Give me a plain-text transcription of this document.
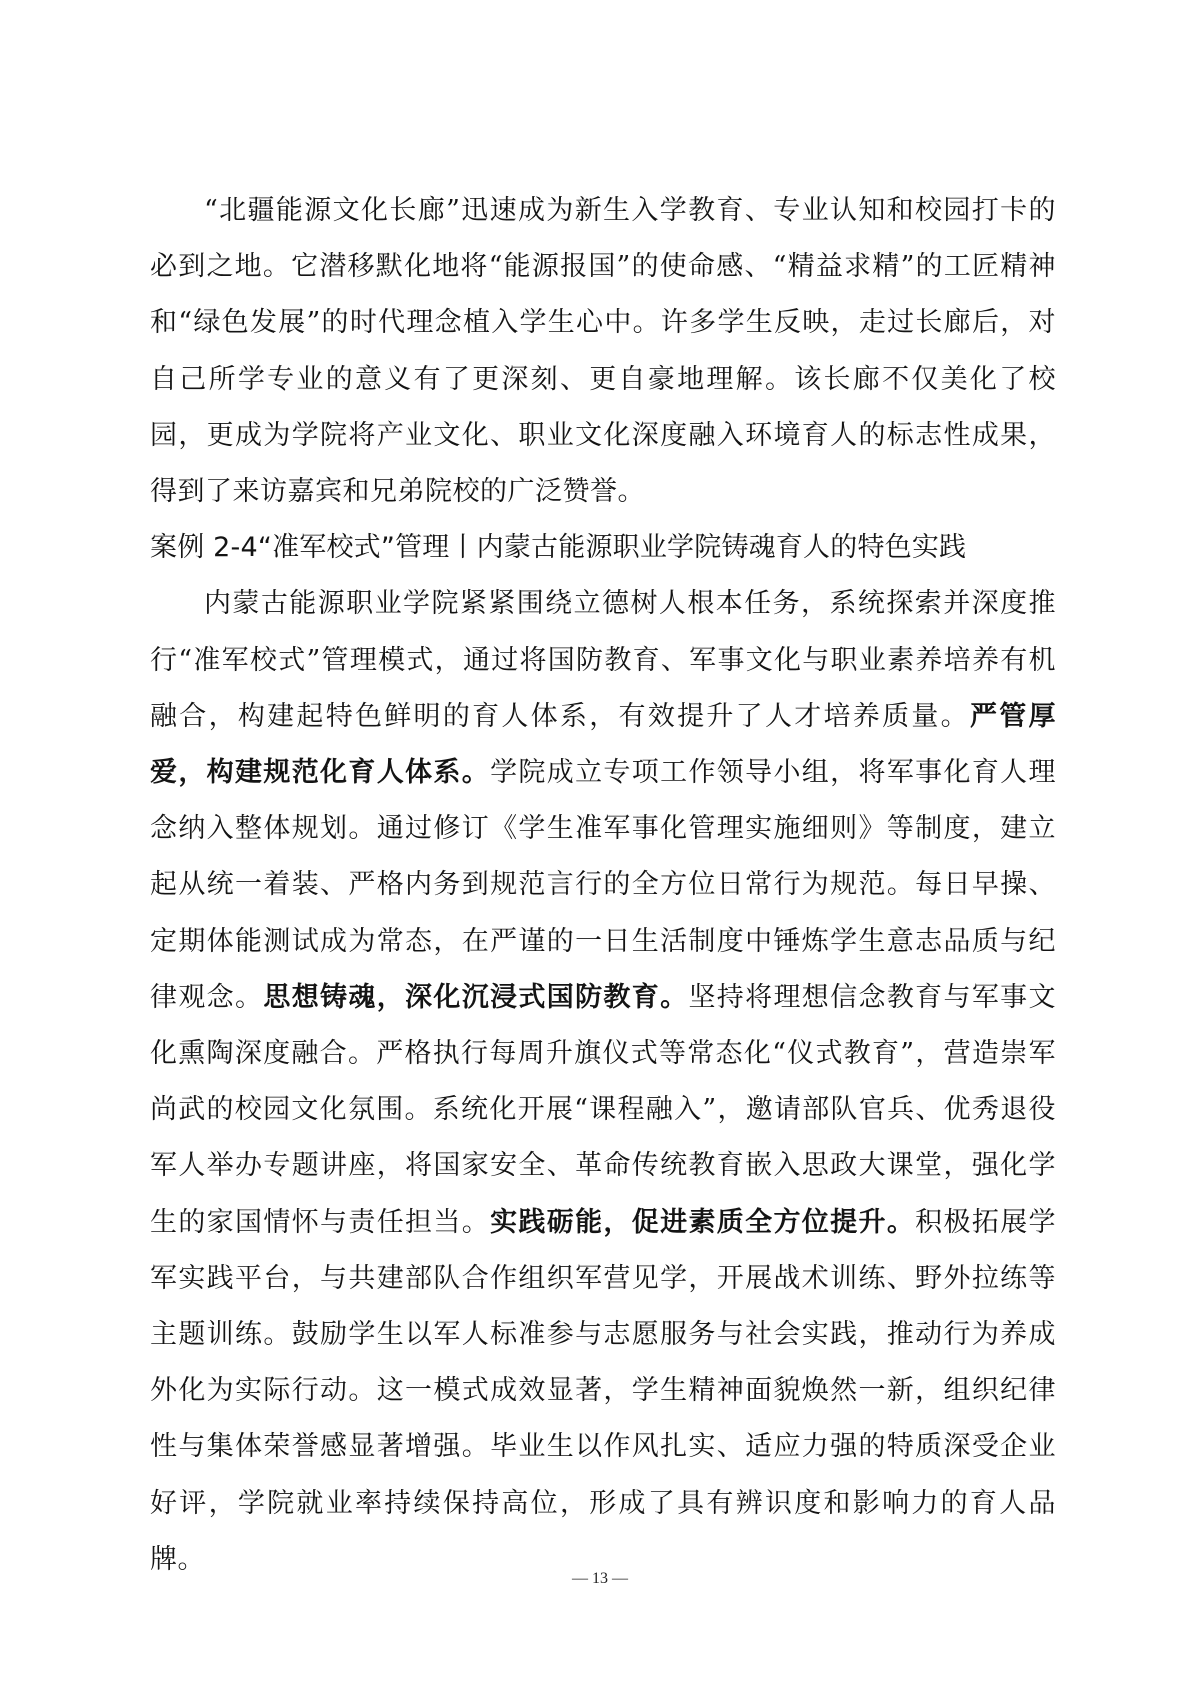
“北疆能源文化长廊”迅速成为新生入学教育、专业认知和校园打卡的必到之地。它潜移默化地将“能源报国”的使命感、“精益求精”的工匠精神和“绿色发展”的时代理念植入学生心中。许多学生反映，走过长廊后，对自己所学专业的意义有了更深刻、更自豪地理解。该长廊不仅美化了校园，更成为学院将产业文化、职业文化深度融入环境育人的标志性成果，得到了来访嘉宾和兄弟院校的广泛赞誉。

案例 2-4“准军校式”管理丨内蒙古能源职业学院铸魂育人的特色实践

内蒙古能源职业学院紧紧围绕立德树人根本任务，系统探索并深度推行“准军校式”管理模式，通过将国防教育、军事文化与职业素养培养有机融合，构建起特色鲜明的育人体系，有效提升了人才培养质量。严管厚爱，构建规范化育人体系。学院成立专项工作领导小组，将军事化育人理念纳入整体规划。通过修订《学生准军事化管理实施细则》等制度，建立起从统一着装、严格内务到规范言行的全方位日常行为规范。每日早操、定期体能测试成为常态，在严谨的一日生活制度中锤炼学生意志品质与纪律观念。思想铸魂，深化沉浸式国防教育。坚持将理想信念教育与军事文化熏陶深度融合。严格执行每周升旗仪式等常态化“仪式教育”，营造崇军尚武的校园文化氛围。系统化开展“课程融入”，邀请部队官兵、优秀退役军人举办专题讲座，将国家安全、革命传统教育嵌入思政大课堂，强化学生的家国情怀与责任担当。实践砺能，促进素质全方位提升。积极拓展学军实践平台，与共建部队合作组织军营见学，开展战术训练、野外拉练等主题训练。鼓励学生以军人标准参与志愿服务与社会实践，推动行为养成外化为实际行动。这一模式成效显著，学生精神面貌焕然一新，组织纪律性与集体荣誉感显著增强。毕业生以作风扎实、适应力强的特质深受企业好评，学院就业率持续保持高位，形成了具有辨识度和影响力的育人品牌。

— 13 —
